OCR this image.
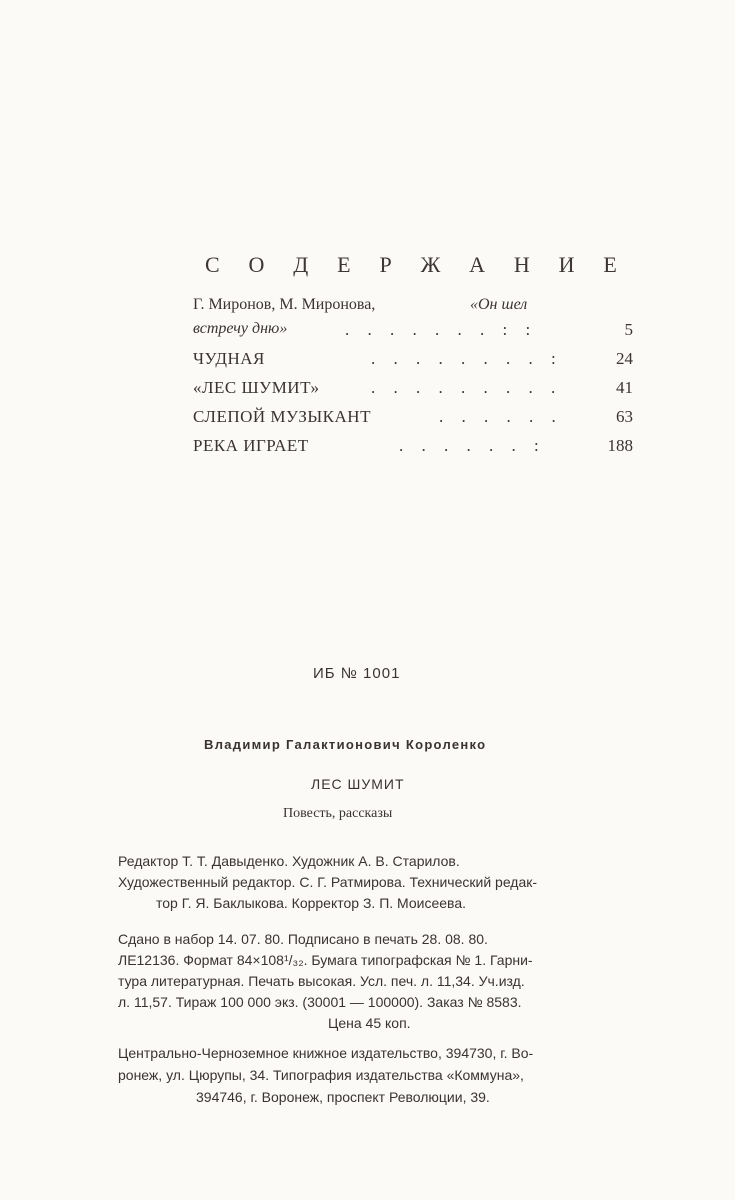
С О Д Е Р Ж А Н И Е
Г. Миронов, М. Миронова,	«Он шел
встречу дню»	. . . . . . . : :	5
ЧУДНАЯ	. . . . . . . . :	24
«ЛЕС ШУМИТ»	. . . . . . . . .	41
СЛЕПОЙ МУЗЫКАНТ	. . . . . .	63
РЕКА ИГРАЕТ	. . . . . . :	188
ИБ № 1001
Владимир Галактионович Короленко
ЛЕС ШУМИТ
Повесть, рассказы
Редактор Т. Т. Давыденко. Художник А. В. Старилов.
Художественный редактор. С. Г. Ратмирова. Технический редак-
тор Г. Я. Баклыкова. Корректор З. П. Моисеева.
Сдано в набор 14. 07. 80. Подписано в печать 28. 08. 80.
ЛЕ12136. Формат 84×108¹/₃₂. Бумага типографская № 1. Гарни-
тура литературная. Печать высокая. Усл. печ. л. 11,34. Уч.изд.
л. 11,57. Тираж 100 000 экз. (30001 — 100000). Заказ № 8583.
Цена 45 коп.
Центрально-Черноземное книжное издательство, 394730, г. Во-
ронеж, ул. Цюрупы, 34. Типография издательства «Коммуна»,
394746, г. Воронеж, проспект Революции, 39.
